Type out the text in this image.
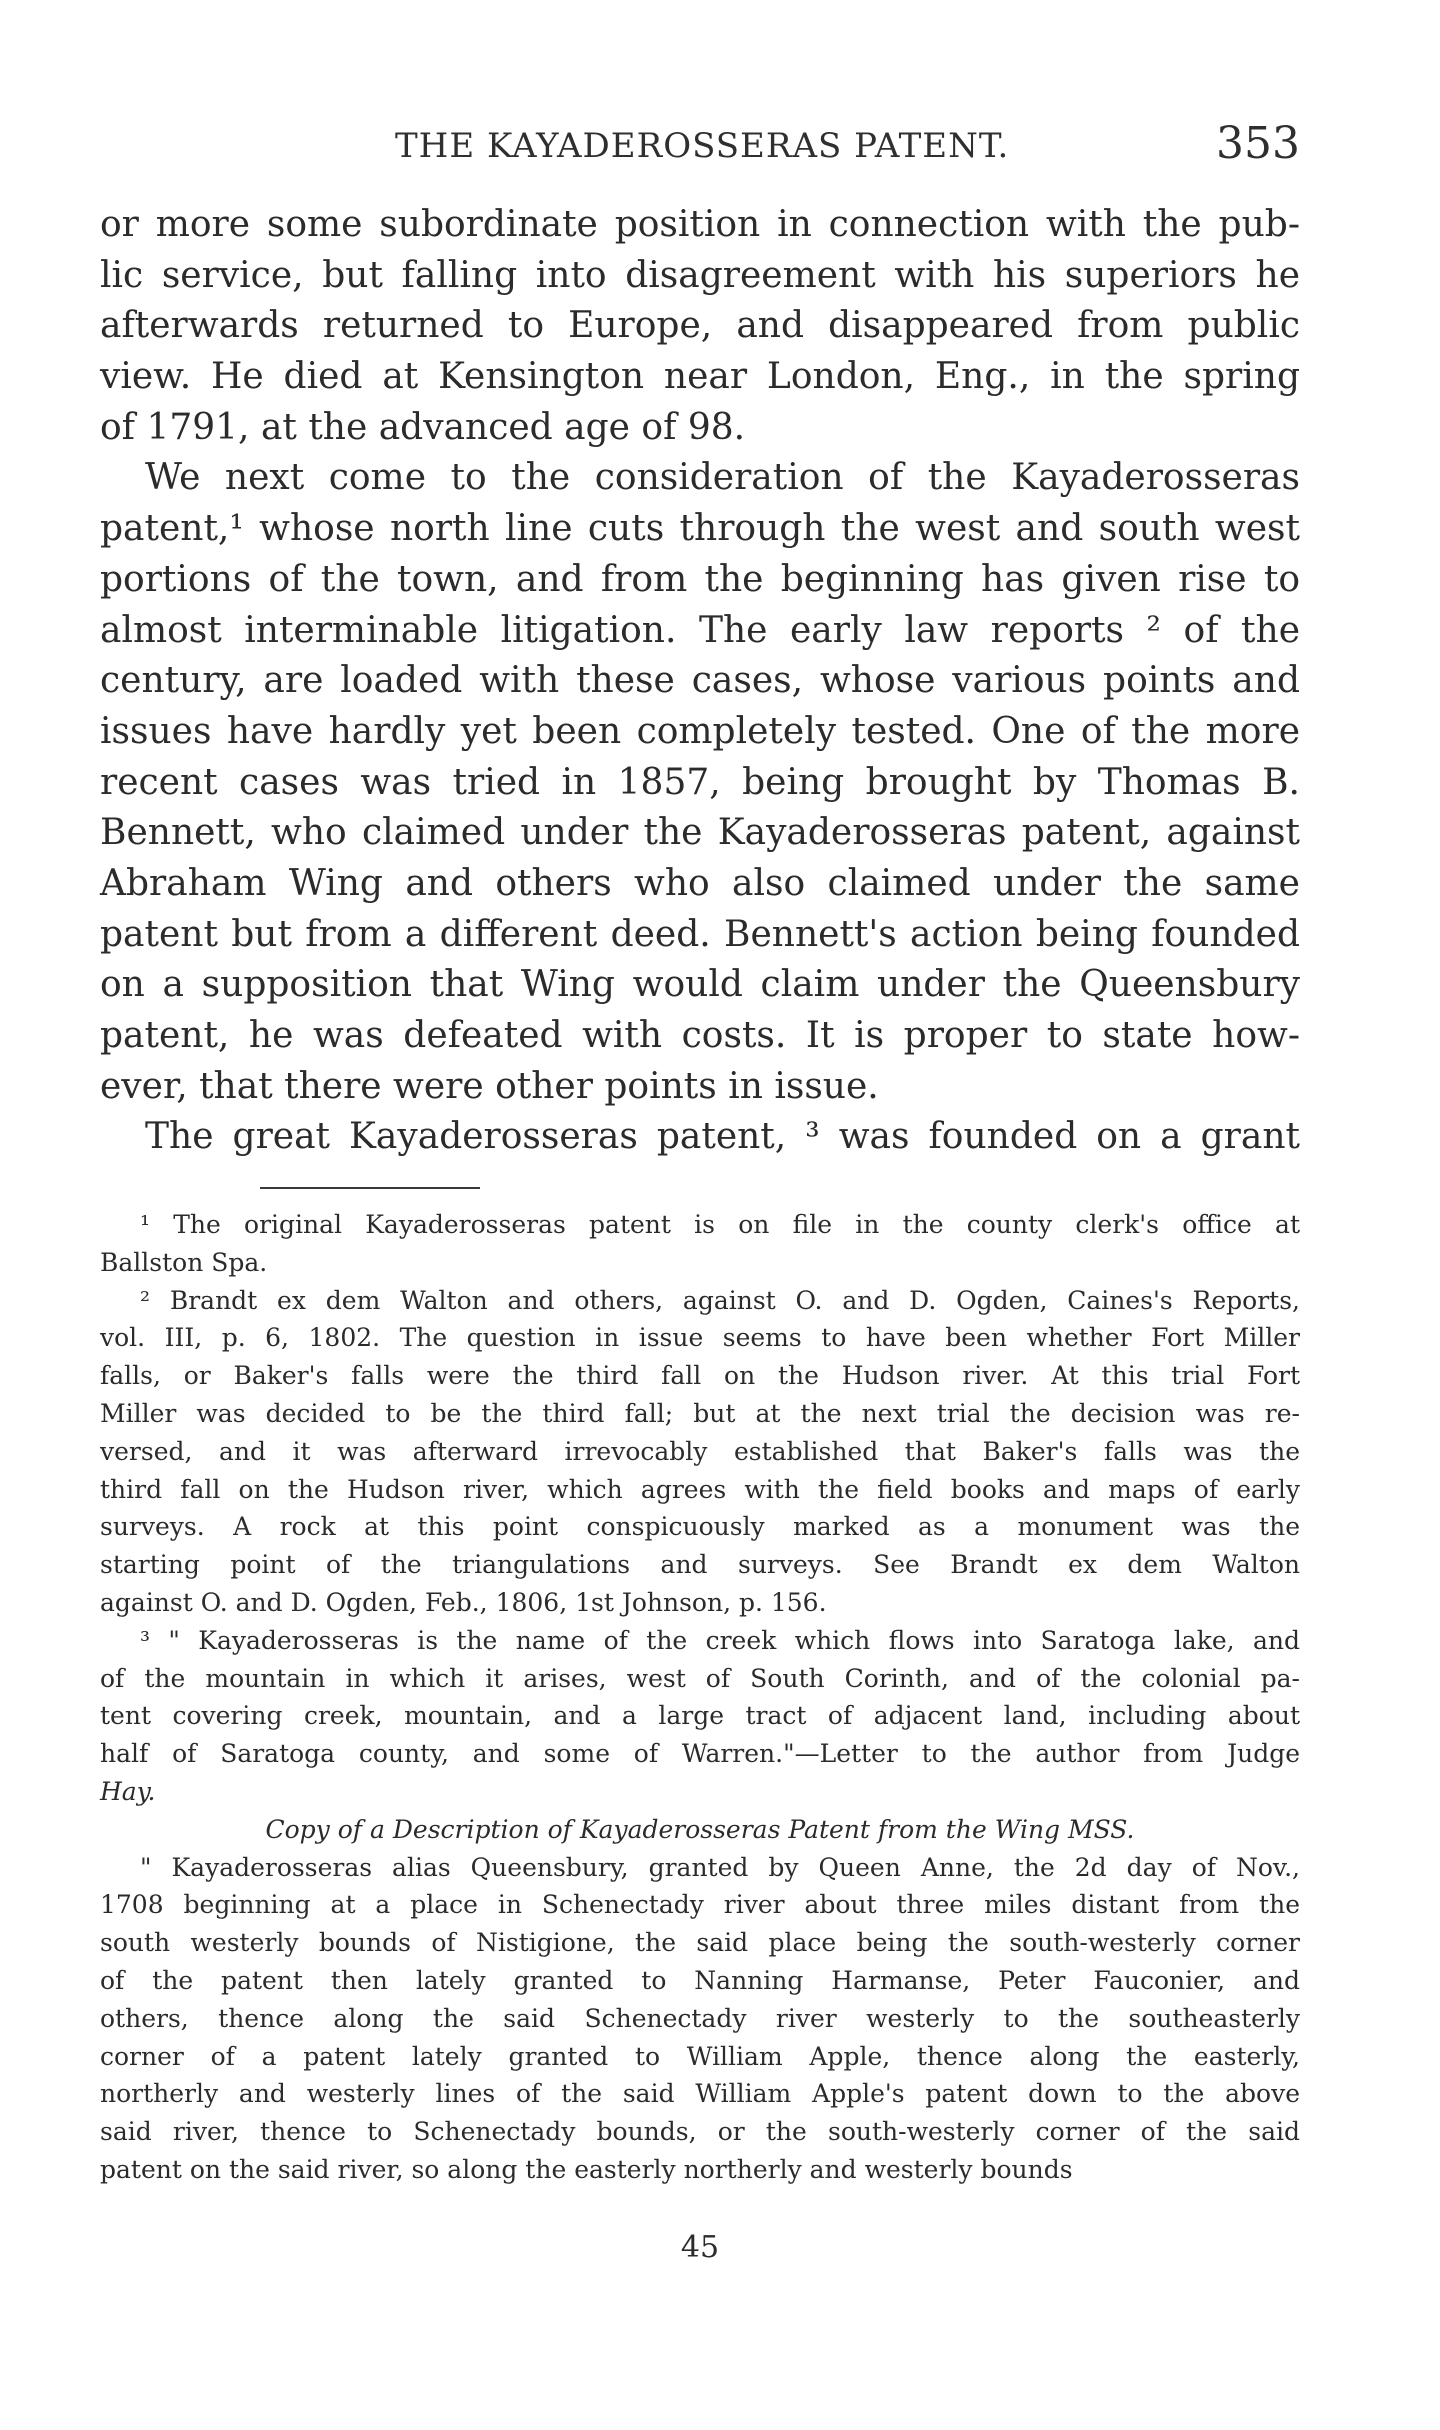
THE KAYADEROSSERAS PATENT.	353
or more some subordinate position in connection with the pub-
lic service, but falling into disagreement with his superiors he
afterwards returned to Europe, and disappeared from public
view. He died at Kensington near London, Eng., in the spring
of 1791, at the advanced age of 98.
We next come to the consideration of the Kayaderosseras
patent,¹ whose north line cuts through the west and south west
portions of the town, and from the beginning has given rise to
almost interminable litigation. The early law reports ² of the
century, are loaded with these cases, whose various points and
issues have hardly yet been completely tested. One of the more
recent cases was tried in 1857, being brought by Thomas B.
Bennett, who claimed under the Kayaderosseras patent, against
Abraham Wing and others who also claimed under the same
patent but from a different deed. Bennett's action being founded
on a supposition that Wing would claim under the Queensbury
patent, he was defeated with costs. It is proper to state how-
ever, that there were other points in issue.
The great Kayaderosseras patent, ³ was founded on a grant
¹ The original Kayaderosseras patent is on file in the county clerk's office at
Ballston Spa.
² Brandt ex dem Walton and others, against O. and D. Ogden, Caines's Reports,
vol. III, p. 6, 1802. The question in issue seems to have been whether Fort Miller
falls, or Baker's falls were the third fall on the Hudson river. At this trial Fort
Miller was decided to be the third fall; but at the next trial the decision was re-
versed, and it was afterward irrevocably established that Baker's falls was the
third fall on the Hudson river, which agrees with the field books and maps of early
surveys. A rock at this point conspicuously marked as a monument was the
starting point of the triangulations and surveys. See Brandt ex dem Walton
against O. and D. Ogden, Feb., 1806, 1st Johnson, p. 156.
³ " Kayaderosseras is the name of the creek which flows into Saratoga lake, and
of the mountain in which it arises, west of South Corinth, and of the colonial pa-
tent covering creek, mountain, and a large tract of adjacent land, including about
half of Saratoga county, and some of Warren."—Letter to the author from Judge
Hay.
Copy of a Description of Kayaderosseras Patent from the Wing MSS.
" Kayaderosseras alias Queensbury, granted by Queen Anne, the 2d day of Nov.,
1708 beginning at a place in Schenectady river about three miles distant from the
south westerly bounds of Nistigione, the said place being the south-westerly corner
of the patent then lately granted to Nanning Harmanse, Peter Fauconier, and
others, thence along the said Schenectady river westerly to the southeasterly
corner of a patent lately granted to William Apple, thence along the easterly,
northerly and westerly lines of the said William Apple's patent down to the above
said river, thence to Schenectady bounds, or the south-westerly corner of the said
patent on the said river, so along the easterly northerly and westerly bounds
45
